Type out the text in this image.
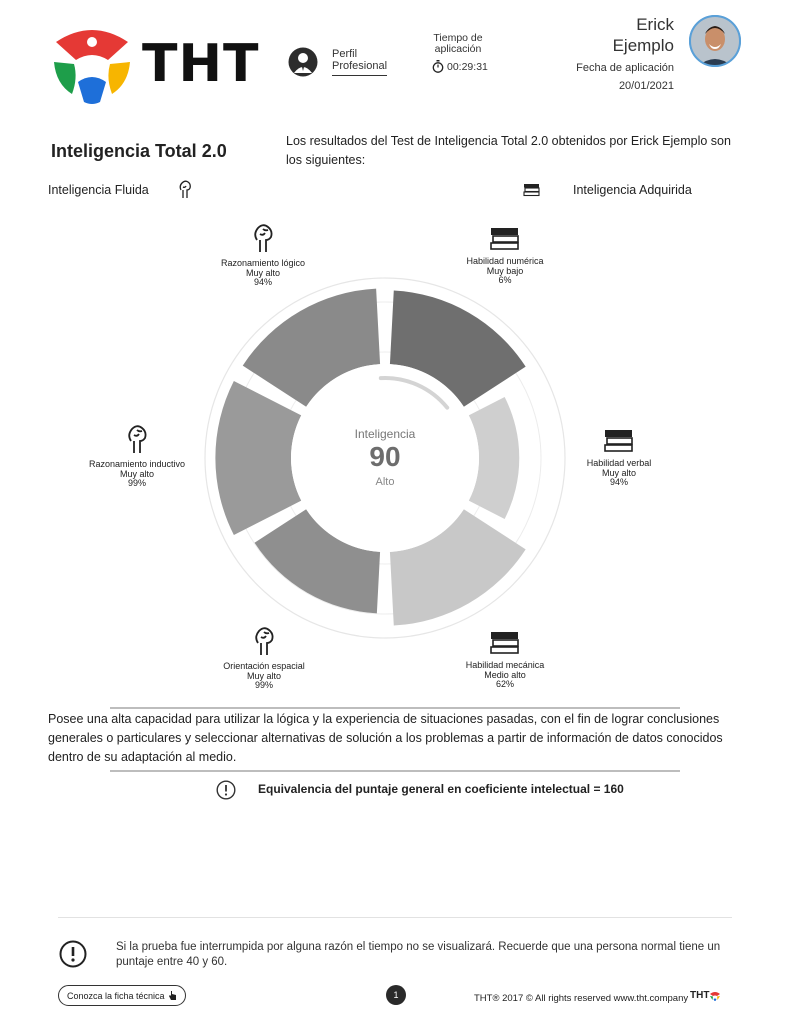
THT	Perfil
Profesional
Tiempo de
aplicación
00:29:31
Erick
Ejemplo
Fecha de aplicación
20/01/2021
Inteligencia Total 2.0	Los resultados del Test de Inteligencia Total 2.0 obtenidos por Erick Ejemplo son los siguientes:
Inteligencia Fluida	Inteligencia Adquirida
Inteligencia
90
Alto
Razonamiento lógico
Muy alto
94%
Habilidad numérica
Muy bajo
6%
Habilidad verbal
Muy alto
94%
Habilidad mecánica
Medio alto
62%
Orientación espacial
Muy alto
99%
Razonamiento inductivo
Muy alto
99%
Posee una alta capacidad para utilizar la lógica y la experiencia de situaciones pasadas, con el fin de lograr conclusiones generales o particulares y seleccionar alternativas de solución a los problemas a partir de información de datos conocidos dentro de su adaptación al medio.
Equivalencia del puntaje general en coeficiente intelectual = 160
Si la prueba fue interrumpida por alguna razón el tiempo no se visualizará. Recuerde que una persona normal tiene un puntaje entre 40 y 60.
Conozca la ficha técnica	1	THT® 2017 © All rights reserved www.tht.company THT
